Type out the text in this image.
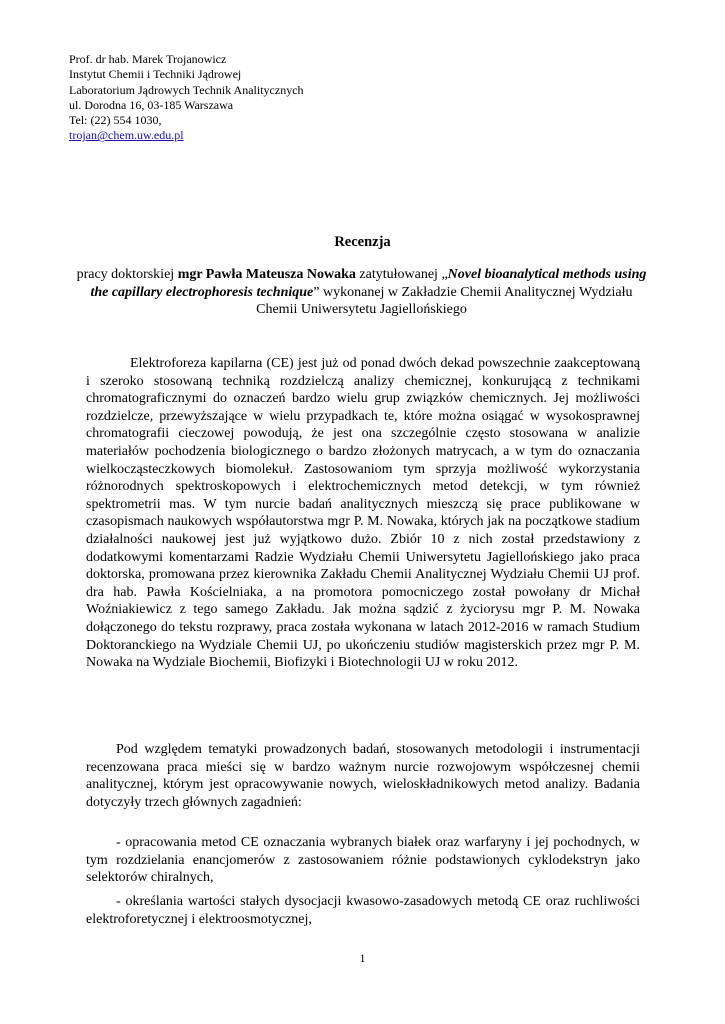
Prof. dr hab. Marek Trojanowicz
Instytut Chemii i Techniki Jądrowej
Laboratorium Jądrowych Technik Analitycznych
ul. Dorodna 16, 03-185 Warszawa
Tel: (22) 554 1030,
trojan@chem.uw.edu.pl
Recenzja
pracy doktorskiej mgr Pawła Mateusza Nowaka zatytułowanej „Novel bioanalytical methods using the capillary electrophoresis technique” wykonanej w Zakładzie Chemii Analitycznej Wydziału Chemii Uniwersytetu Jagiellońskiego
Elektroforeza kapilarna (CE) jest już od ponad dwóch dekad powszechnie zaakceptowaną i szeroko stosowaną techniką rozdzielczą analizy chemicznej, konkurującą z technikami chromatograficznymi do oznaczeń bardzo wielu grup związków chemicznych. Jej możliwości rozdzielcze, przewyższające w wielu przypadkach te, które można osiągać w wysokosprawnej chromatografii cieczowej powodują, że jest ona szczególnie często stosowana w analizie materiałów pochodzenia biologicznego o bardzo złożonych matrycach, a w tym do oznaczania wielkocząsteczkowych biomolekuł. Zastosowaniom tym sprzyja możliwość wykorzystania różnorodnych spektroskopowych i elektrochemicznych metod detekcji, w tym również spektrometrii mas. W tym nurcie badań analitycznych mieszczą się prace publikowane w czasopismach naukowych współautorstwa mgr P. M. Nowaka, których jak na początkowe stadium działalności naukowej jest już wyjątkowo dużo. Zbiór 10 z nich został przedstawiony z dodatkowymi komentarzami Radzie Wydziału Chemii Uniwersytetu Jagiellońskiego jako praca doktorska, promowana przez kierownika Zakładu Chemii Analitycznej Wydziału Chemii UJ prof. dra hab. Pawła Kościelniaka, a na promotora pomocniczego został powołany dr Michał Woźniakiewicz z tego samego Zakładu. Jak można sądzić z życiorysu mgr P. M. Nowaka dołączonego do tekstu rozprawy, praca została wykonana w latach 2012-2016 w ramach Studium Doktoranckiego na Wydziale Chemii UJ, po ukończeniu studiów magisterskich przez mgr P. M. Nowaka na Wydziale Biochemii, Biofizyki i Biotechnologii UJ w roku 2012.
Pod względem tematyki prowadzonych badań, stosowanych metodologii i instrumentacji recenzowana praca mieści się w bardzo ważnym nurcie rozwojowym współczesnej chemii analitycznej, którym jest opracowywanie nowych, wieloskładnikowych metod analizy. Badania dotyczyły trzech głównych zagadnień:
- opracowania metod CE oznaczania wybranych białek oraz warfaryny i jej pochodnych, w tym rozdzielania enancjomerów z zastosowaniem różnie podstawionych cyklodekstryn jako selektorów chiralnych,
- określania wartości stałych dysocjacji kwasowo-zasadowych metodą CE oraz ruchliwości elektroforetycznej i elektroosmotycznej,
1
